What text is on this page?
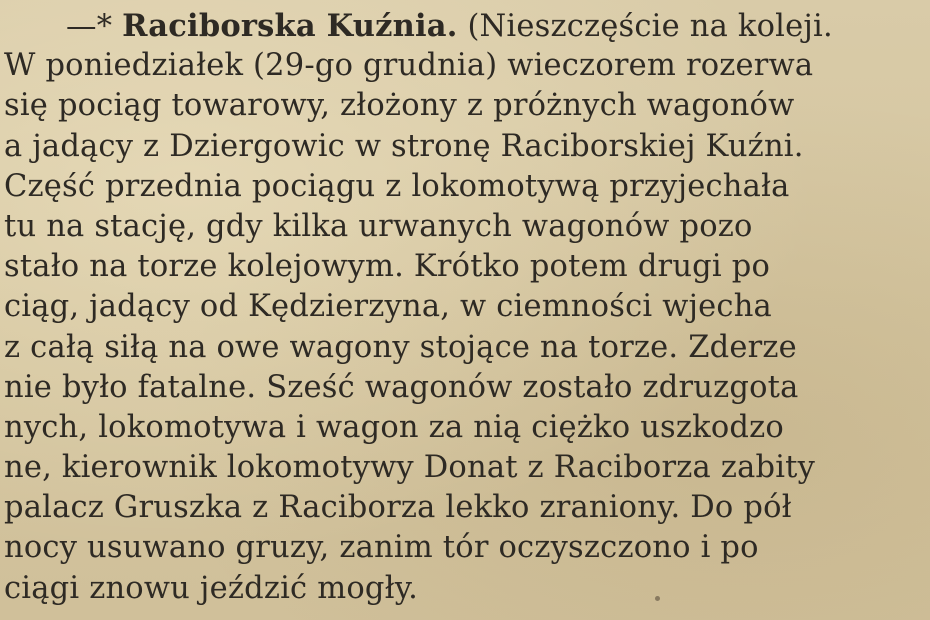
—* Raciborska Kuźnia. (Nieszczęście na koleji.
W poniedziałek (29-go grudnia) wieczorem rozerwa
się pociąg towarowy, złożony z próżnych wagonów
a jadący z Dziergowic w stronę Raciborskiej Kuźni.
Część przednia pociągu z lokomotywą przyjechała
tu na stację, gdy kilka urwanych wagonów pozo
stało na torze kolejowym. Krótko potem drugi po
ciąg, jadący od Kędzierzyna, w ciemności wjecha
z całą siłą na owe wagony stojące na torze. Zderze
nie było fatalne. Sześć wagonów zostało zdruzgota
nych, lokomotywa i wagon za nią ciężko uszkodzo
ne, kierownik lokomotywy Donat z Raciborza zabity
palacz Gruszka z Raciborza lekko zraniony. Do pół
nocy usuwano gruzy, zanim tór oczyszczono i po
ciągi znowu jeździć mogły.
